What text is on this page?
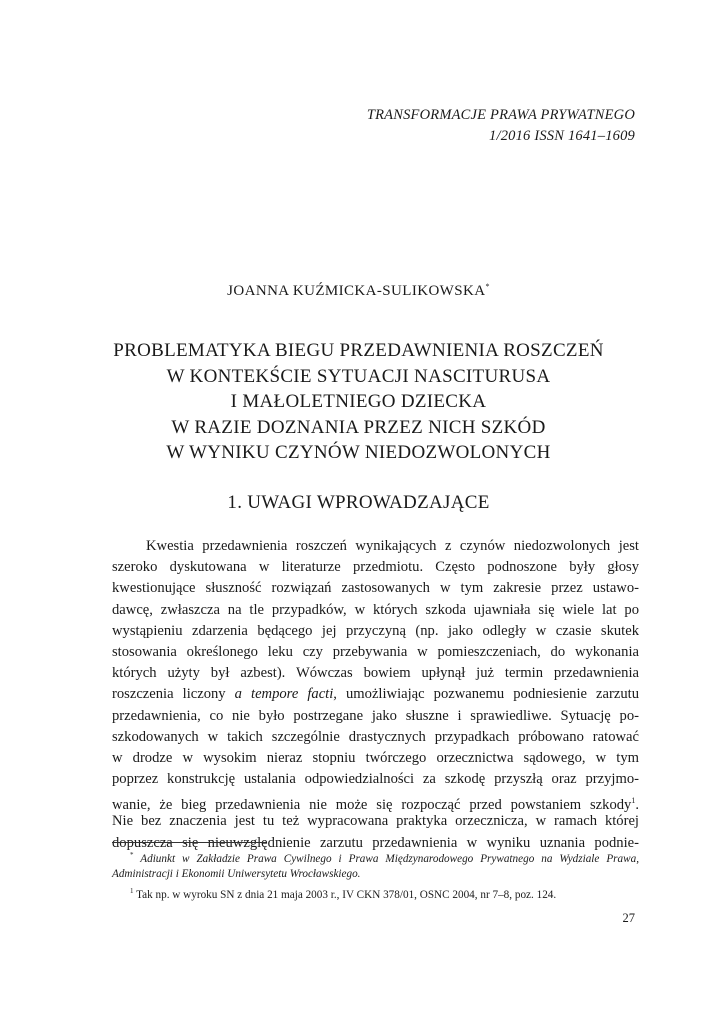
TRANSFORMACJE PRAWA PRYWATNEGO
1/2016 ISSN 1641–1609
JOANNA KUŹMICKA-SULIKOWSKA*
PROBLEMATYKA BIEGU PRZEDAWNIENIA ROSZCZEŃ
W KONTEKŚCIE SYTUACJI NASCITURUSA
I MAŁOLETNIEGO DZIECKA
W RAZIE DOZNANIA PRZEZ NICH SZKÓD
W WYNIKU CZYNÓW NIEDOZWOLONYCH
1. UWAGI WPROWADZAJĄCE
Kwestia przedawnienia roszczeń wynikających z czynów niedozwolonych jest
szeroko dyskutowana w literaturze przedmiotu. Często podnoszone były głosy
kwestionujące słuszność rozwiązań zastosowanych w tym zakresie przez ustawo-
dawcę, zwłaszcza na tle przypadków, w których szkoda ujawniała się wiele lat po
wystąpieniu zdarzenia będącego jej przyczyną (np. jako odległy w czasie skutek
stosowania określonego leku czy przebywania w pomieszczeniach, do wykonania
których użyty był azbest). Wówczas bowiem upłynął już termin przedawnienia
roszczenia liczony a tempore facti, umożliwiając pozwanemu podniesienie zarzutu
przedawnienia, co nie było postrzegane jako słuszne i sprawiedliwe. Sytuację po-
szkodowanych w takich szczególnie drastycznych przypadkach próbowano ratować
w drodze w wysokim nieraz stopniu twórczego orzecznictwa sądowego, w tym
poprzez konstrukcję ustalania odpowiedzialności za szkodę przyszłą oraz przyjmo-
wanie, że bieg przedawnienia nie może się rozpocząć przed powstaniem szkody$^1$.
Nie bez znaczenia jest tu też wypracowana praktyka orzecznicza, w ramach której
dopuszcza się nieuwzględnienie zarzutu przedawnienia w wyniku uznania podnie-
* Adiunkt w Zakładzie Prawa Cywilnego i Prawa Międzynarodowego Prywatnego na Wydziale Prawa, Administracji i Ekonomii Uniwersytetu Wrocławskiego.
$^1$ Tak np. w wyroku SN z dnia 21 maja 2003 r., IV CKN 378/01, OSNC 2004, nr 7–8, poz. 124.
27
